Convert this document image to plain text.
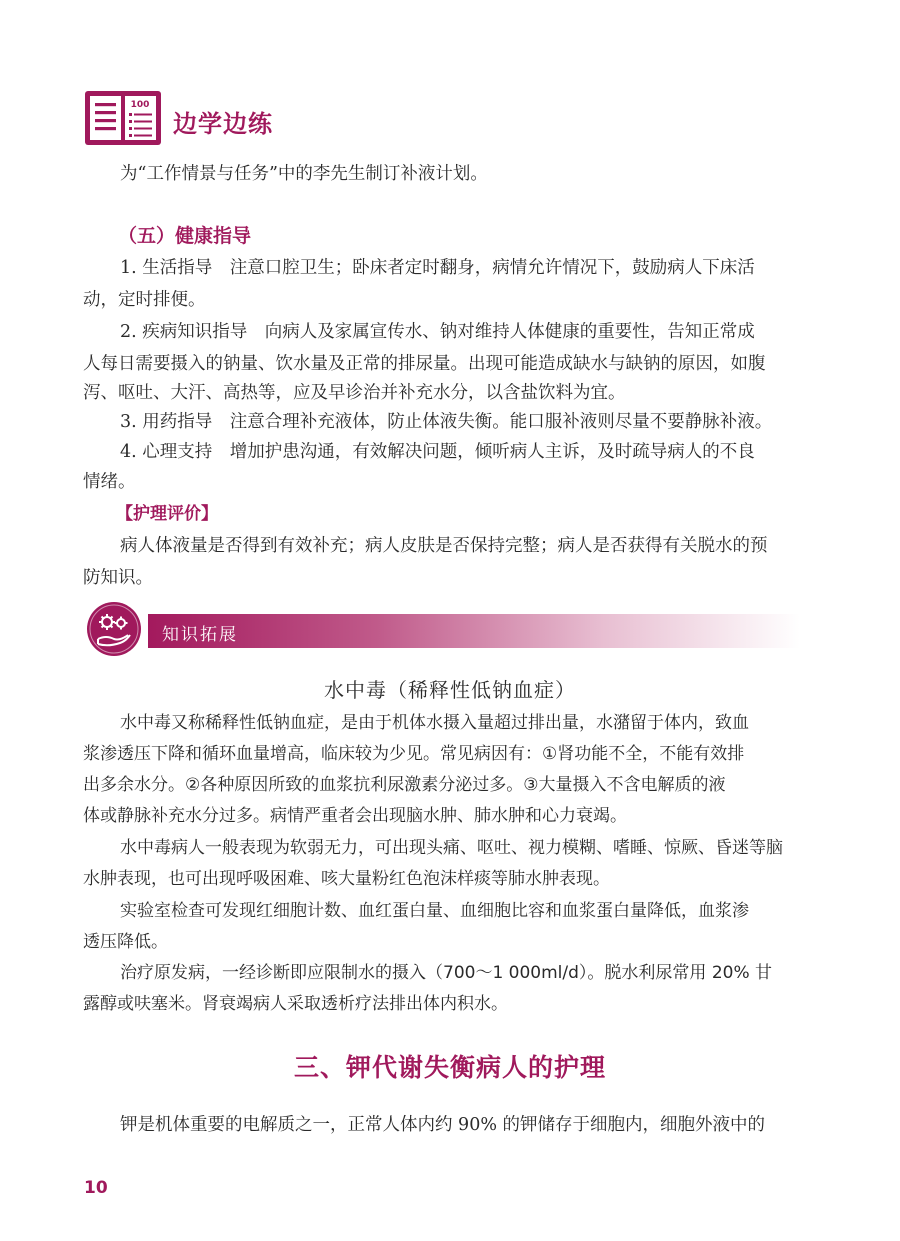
100
边学边练
为“工作情景与任务”中的李先生制订补液计划。
（五）健康指导
1. 生活指导　注意口腔卫生；卧床者定时翻身，病情允许情况下，鼓励病人下床活
动，定时排便。
2. 疾病知识指导　向病人及家属宣传水、钠对维持人体健康的重要性，告知正常成
人每日需要摄入的钠量、饮水量及正常的排尿量。出现可能造成缺水与缺钠的原因，如腹
泻、呕吐、大汗、高热等，应及早诊治并补充水分，以含盐饮料为宜。
3. 用药指导　注意合理补充液体，防止体液失衡。能口服补液则尽量不要静脉补液。
4. 心理支持　增加护患沟通，有效解决问题，倾听病人主诉，及时疏导病人的不良
情绪。
【护理评价】
病人体液量是否得到有效补充；病人皮肤是否保持完整；病人是否获得有关脱水的预
防知识。
知识拓展
水中毒（稀释性低钠血症）
水中毒又称稀释性低钠血症，是由于机体水摄入量超过排出量，水潴留于体内，致血
浆渗透压下降和循环血量增高，临床较为少见。常见病因有：①肾功能不全，不能有效排
出多余水分。②各种原因所致的血浆抗利尿激素分泌过多。③大量摄入不含电解质的液
体或静脉补充水分过多。病情严重者会出现脑水肿、肺水肿和心力衰竭。
水中毒病人一般表现为软弱无力，可出现头痛、呕吐、视力模糊、嗜睡、惊厥、昏迷等脑
水肿表现，也可出现呼吸困难、咳大量粉红色泡沫样痰等肺水肿表现。
实验室检查可发现红细胞计数、血红蛋白量、血细胞比容和血浆蛋白量降低，血浆渗
透压降低。
治疗原发病，一经诊断即应限制水的摄入（700～1 000ml/d）。脱水利尿常用 20% 甘
露醇或呋塞米。肾衰竭病人采取透析疗法排出体内积水。
三、钾代谢失衡病人的护理
钾是机体重要的电解质之一，正常人体内约 90% 的钾储存于细胞内，细胞外液中的
10
